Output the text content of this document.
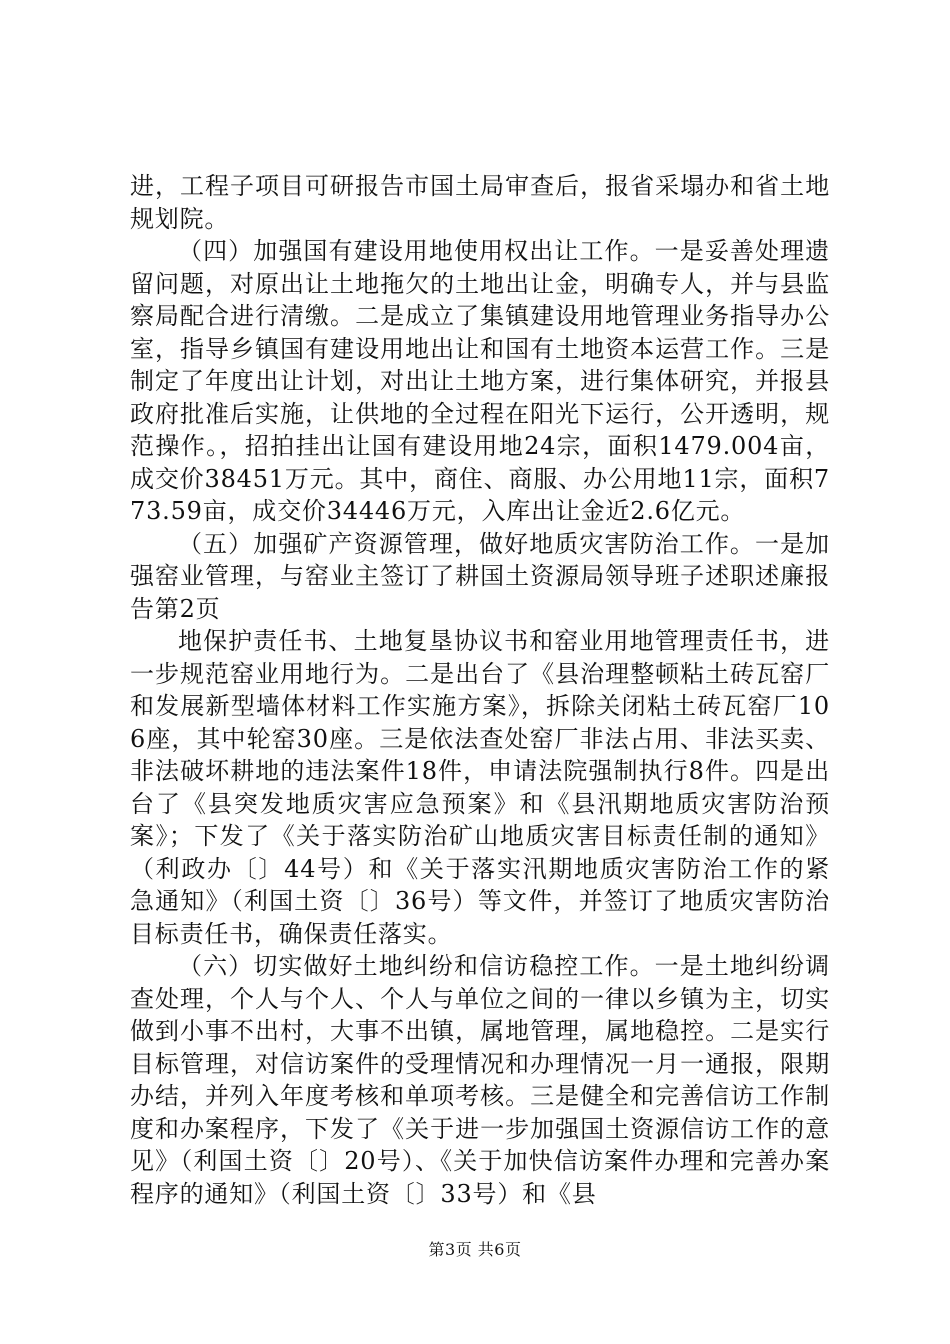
进，工程子项目可研报告市国土局审查后，报省采塌办和省土地规划院。

（四）加强国有建设用地使用权出让工作。一是妥善处理遗留问题，对原出让土地拖欠的土地出让金，明确专人，并与县监察局配合进行清缴。二是成立了集镇建设用地管理业务指导办公室，指导乡镇国有建设用地出让和国有土地资本运营工作。三是制定了年度出让计划，对出让土地方案，进行集体研究，并报县政府批准后实施，让供地的全过程在阳光下运行，公开透明，规范操作。，招拍挂出让国有建设用地24宗，面积1479.004亩，成交价38451万元。其中，商住、商服、办公用地11宗，面积773.59亩，成交价34446万元，入库出让金近2.6亿元。

（五）加强矿产资源管理，做好地质灾害防治工作。一是加强窑业管理，与窑业主签订了耕国土资源局领导班子述职述廉报告第2页

地保护责任书、土地复垦协议书和窑业用地管理责任书，进一步规范窑业用地行为。二是出台了《县治理整顿粘土砖瓦窑厂和发展新型墙体材料工作实施方案》，拆除关闭粘土砖瓦窑厂106座，其中轮窑30座。三是依法查处窑厂非法占用、非法买卖、非法破坏耕地的违法案件18件，申请法院强制执行8件。四是出台了《县突发地质灾害应急预案》和《县汛期地质灾害防治预案》；下发了《关于落实防治矿山地质灾害目标责任制的通知》（利政办〔〕44号）和《关于落实汛期地质灾害防治工作的紧急通知》（利国土资〔〕36号）等文件，并签订了地质灾害防治目标责任书，确保责任落实。

（六）切实做好土地纠纷和信访稳控工作。一是土地纠纷调查处理，个人与个人、个人与单位之间的一律以乡镇为主，切实做到小事不出村，大事不出镇，属地管理，属地稳控。二是实行目标管理，对信访案件的受理情况和办理情况一月一通报，限期办结，并列入年度考核和单项考核。三是健全和完善信访工作制度和办案程序，下发了《关于进一步加强国土资源信访工作的意见》（利国土资〔〕20号）、《关于加快信访案件办理和完善办案程序的通知》（利国土资〔〕33号）和《县

第3页 共6页
